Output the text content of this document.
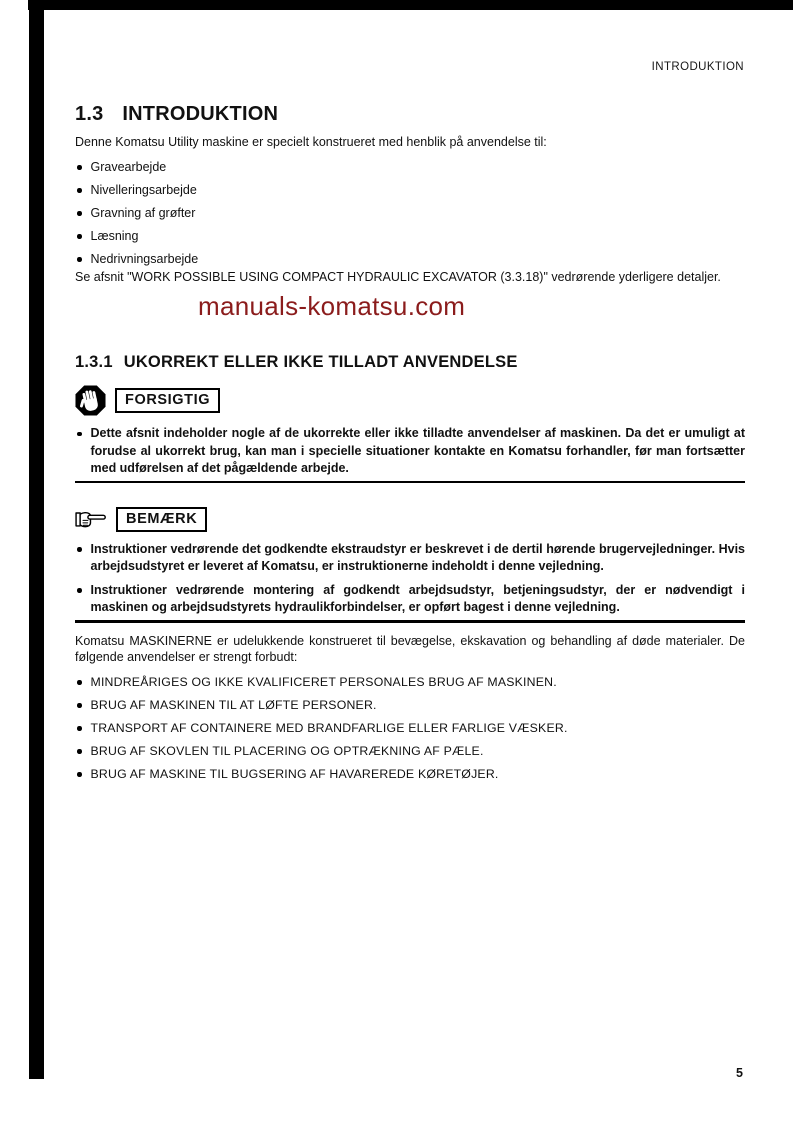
INTRODUKTION
1.3 INTRODUKTION

Denne Komatsu Utility maskine er specielt konstrueret med henblik på anvendelse til:

Gravearbejde
Nivelleringsarbejde
Gravning af grøfter
Læsning
Nedrivningsarbejde

Se afsnit "WORK POSSIBLE USING COMPACT HYDRAULIC EXCAVATOR (3.3.18)" vedrørende yderligere detaljer.

manuals-komatsu.com
1.3.1 UKORREKT ELLER IKKE TILLADT ANVENDELSE
FORSIGTIG

Dette afsnit indeholder nogle af de ukorrekte eller ikke tilladte anvendelser af maskinen. Da det er umuligt at forudse al ukorrekt brug, kan man i specielle situationer kontakte en Komatsu forhandler, før man fortsætter med udførelsen af det pågældende arbejde.

BEMÆRK

Instruktioner vedrørende det godkendte ekstraudstyr er beskrevet i de dertil hørende brugervejledninger. Hvis arbejdsudstyret er leveret af Komatsu, er instruktionerne indeholdt i denne vejledning.

Instruktioner vedrørende montering af godkendt arbejdsudstyr, betjeningsudstyr, der er nødvendigt i maskinen og arbejdsudstyrets hydraulikforbindelser, er opført bagest i denne vejledning.

Komatsu MASKINERNE er udelukkende konstrueret til bevægelse, ekskavation og behandling af døde materialer. De følgende anvendelser er strengt forbudt:

MINDREÅRIGES OG IKKE KVALIFICERET PERSONALES BRUG AF MASKINEN.
BRUG AF MASKINEN TIL AT LØFTE PERSONER.
TRANSPORT AF CONTAINERE MED BRANDFARLIGE ELLER FARLIGE VÆSKER.
BRUG AF SKOVLEN TIL PLACERING OG OPTRÆKNING AF PÆLE.
BRUG AF MASKINE TIL BUGSERING AF HAVAREREDE KØRETØJER.
5
